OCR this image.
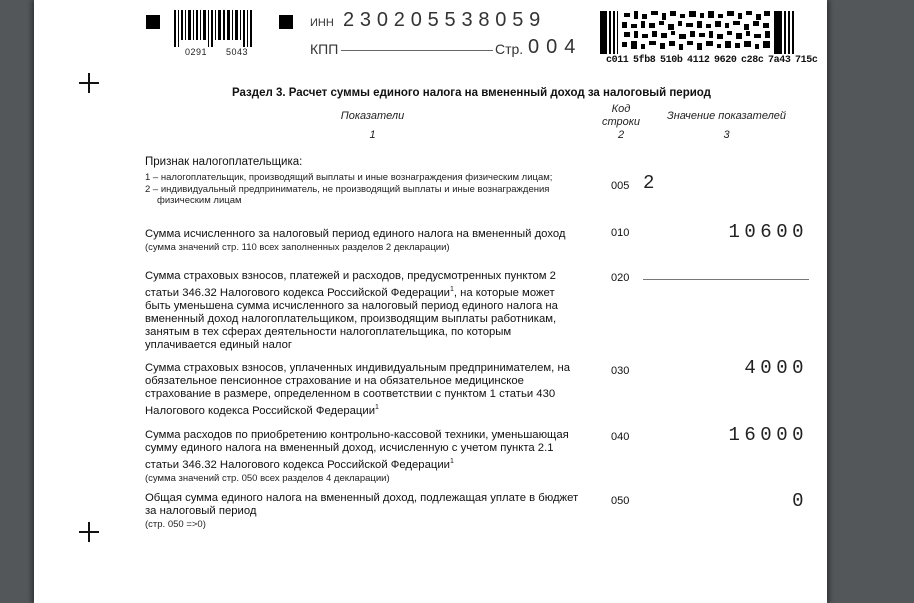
0291 5043
инн 230205538059
КПП	Стр. 004
c011 5fb8 510b 4112 9620 c28c 7a43 715c
Раздел 3. Расчет суммы единого налога на вмененный доход за налоговый период
Показатели
1
Код
строки
2
Значение показателей
3
Признак налогоплательщика:
1 – налогоплательщик, производящий выплаты и иные вознаграждения физическим лицам;
2 – индивидуальный предприниматель, не производящий выплаты и иные вознаграждения
физическим лицам
005 2
Сумма исчисленного за налоговый период единого налога на вмененный доход
(сумма значений стр. 110 всех заполненных разделов 2 декларации)
010	10600
Сумма страховых взносов, платежей и расходов, предусмотренных пунктом 2
статьи 346.32 Налогового кодекса Российской Федерации$^1$, на которые может
быть уменьшена сумма исчисленного за налоговый период единого налога на
вмененный доход налогоплательщиком, производящим выплаты работникам,
занятым в тех сферах деятельности налогоплательщика, по которым
уплачивается единый налог
020
Сумма страховых взносов, уплаченных индивидуальным предпринимателем, на
обязательное пенсионное страхование и на обязательное медицинское
страхование в размере, определенном в соответствии с пунктом 1 статьи 430
Налогового кодекса Российской Федерации$^1$
030	4000
Сумма расходов по приобретению контрольно-кассовой техники, уменьшающая
сумму единого налога на вмененный доход, исчисленную с учетом пункта 2.1
статьи 346.32 Налогового кодекса Российской Федерации$^1$
(сумма значений стр. 050 всех разделов 4 декларации)
040	16000
Общая сумма единого налога на вмененный доход, подлежащая уплате в бюджет
за налоговый период
(стр. 050 =>0)
050	0
